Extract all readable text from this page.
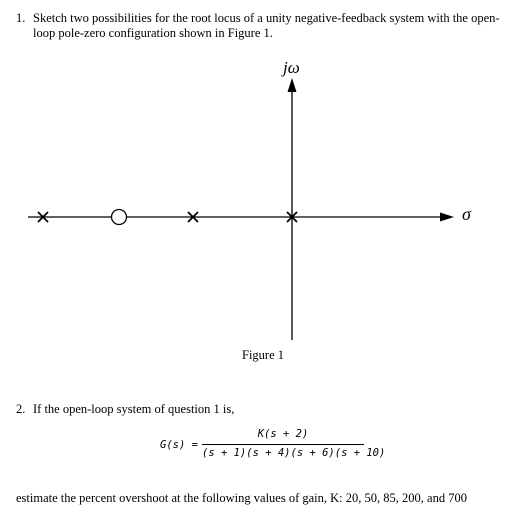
1. Sketch two possibilities for the root locus of a unity negative-feedback system with the open-loop pole-zero configuration shown in Figure 1.
jω
σ
Figure 1
2. If the open-loop system of question 1 is,
G(s) =
K(s + 2)
(s + 1)(s + 4)(s + 6)(s + 10)
estimate the percent overshoot at the following values of gain, K: 20, 50, 85, 200, and 700
